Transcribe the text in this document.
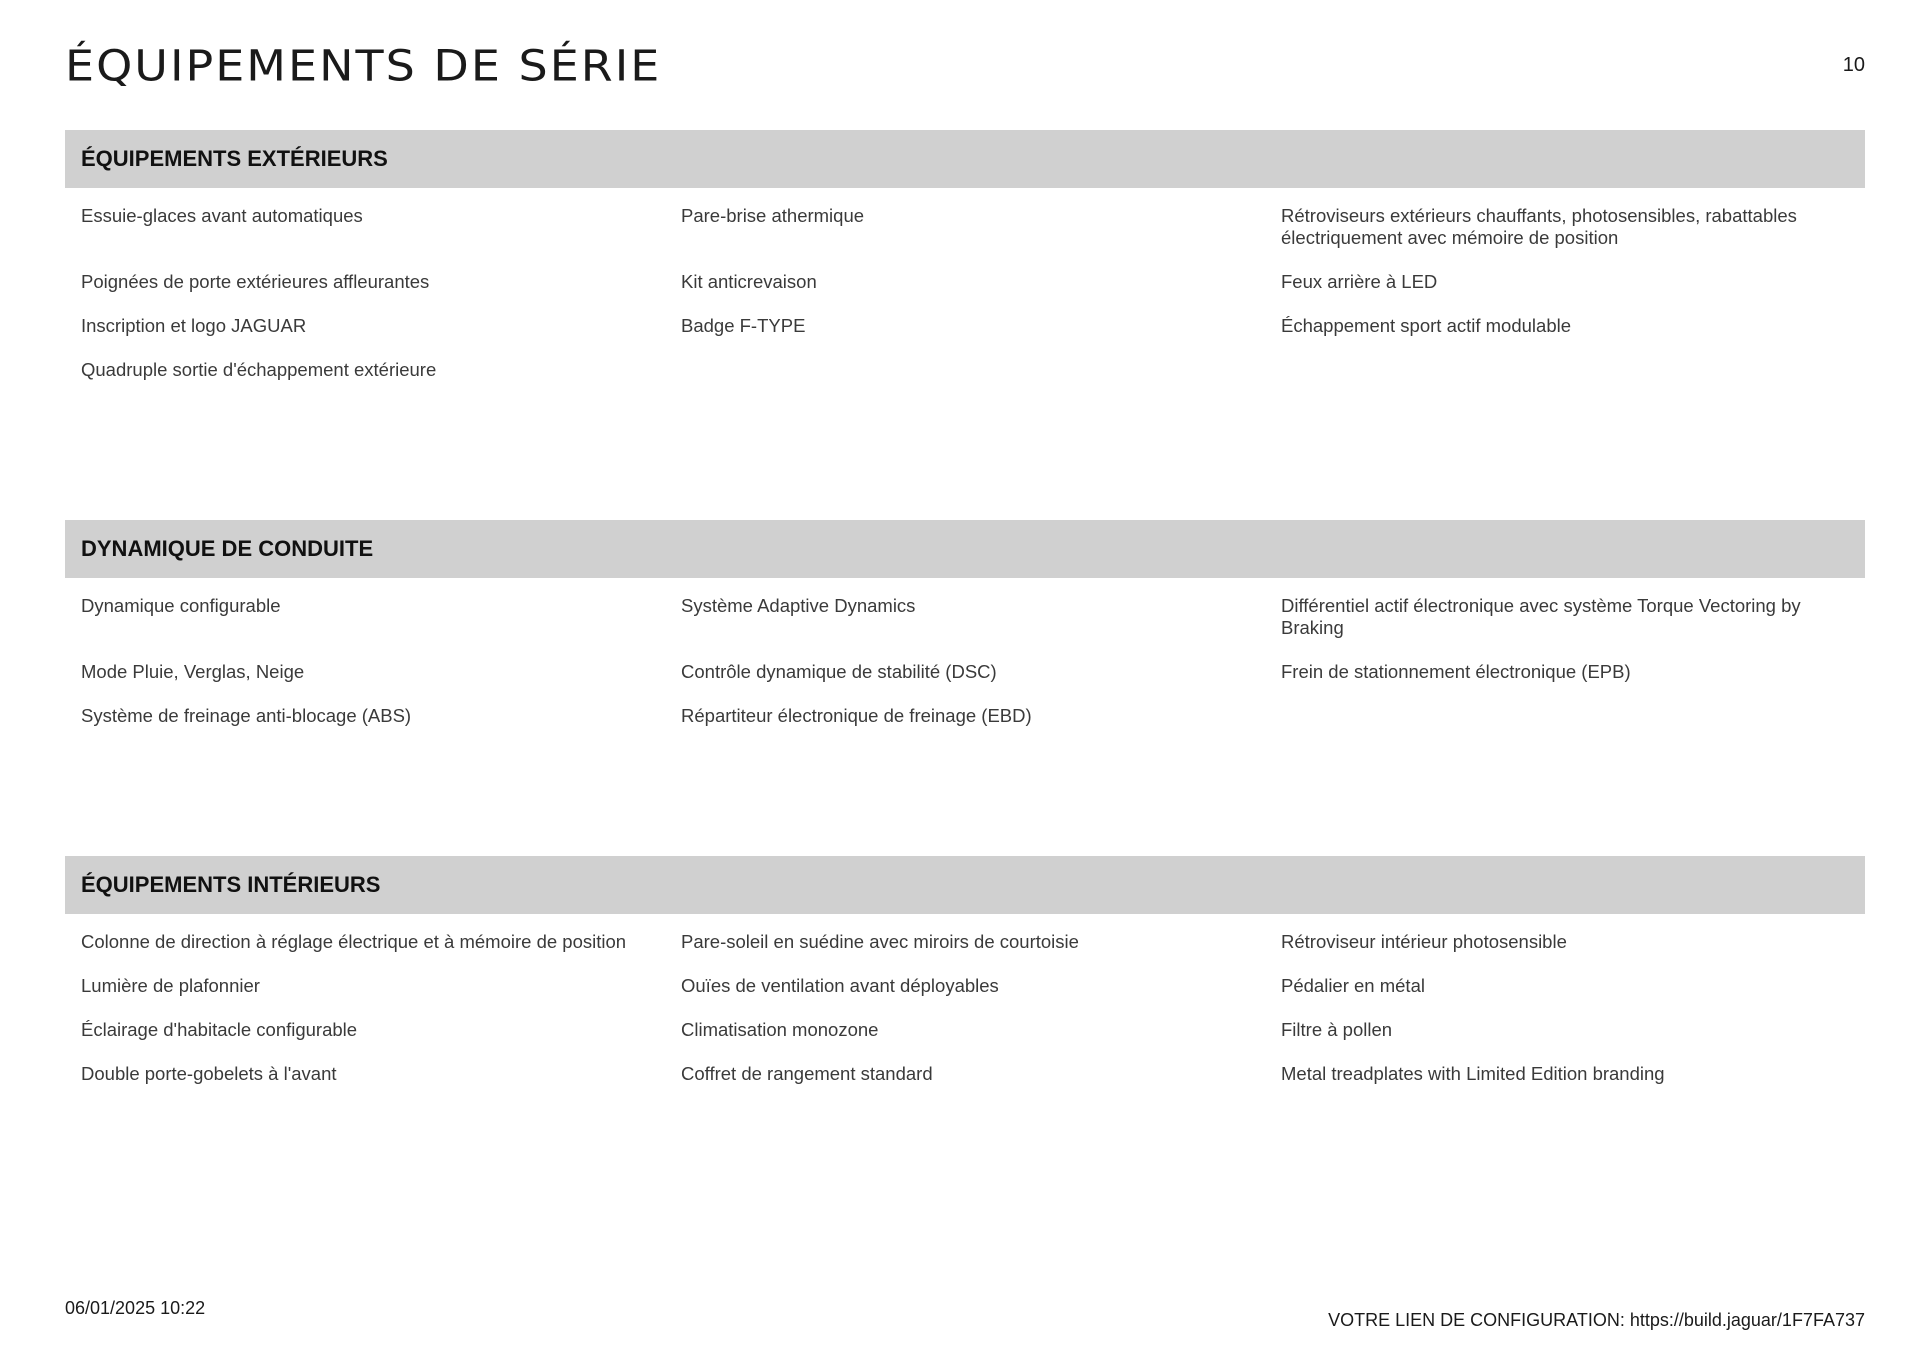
ÉQUIPEMENTS DE SÉRIE	10
ÉQUIPEMENTS EXTÉRIEURS
Essuie-glaces avant automatiques	Pare-brise athermique	Rétroviseurs extérieurs chauffants, photosensibles, rabattables électriquement avec mémoire de position
Poignées de porte extérieures affleurantes	Kit anticrevaison	Feux arrière à LED
Inscription et logo JAGUAR	Badge F-TYPE	Échappement sport actif modulable
Quadruple sortie d'échappement extérieure
DYNAMIQUE DE CONDUITE
Dynamique configurable	Système Adaptive Dynamics	Différentiel actif électronique avec système Torque Vectoring by Braking
Mode Pluie, Verglas, Neige	Contrôle dynamique de stabilité (DSC)	Frein de stationnement électronique (EPB)
Système de freinage anti-blocage (ABS)	Répartiteur électronique de freinage (EBD)
ÉQUIPEMENTS INTÉRIEURS
Colonne de direction à réglage électrique et à mémoire de position	Pare-soleil en suédine avec miroirs de courtoisie	Rétroviseur intérieur photosensible
Lumière de plafonnier	Ouïes de ventilation avant déployables	Pédalier en métal
Éclairage d'habitacle configurable	Climatisation monozone	Filtre à pollen
Double porte-gobelets à l'avant	Coffret de rangement standard	Metal treadplates with Limited Edition branding
06/01/2025 10:22
VOTRE LIEN DE CONFIGURATION: https://build.jaguar/1F7FA737
